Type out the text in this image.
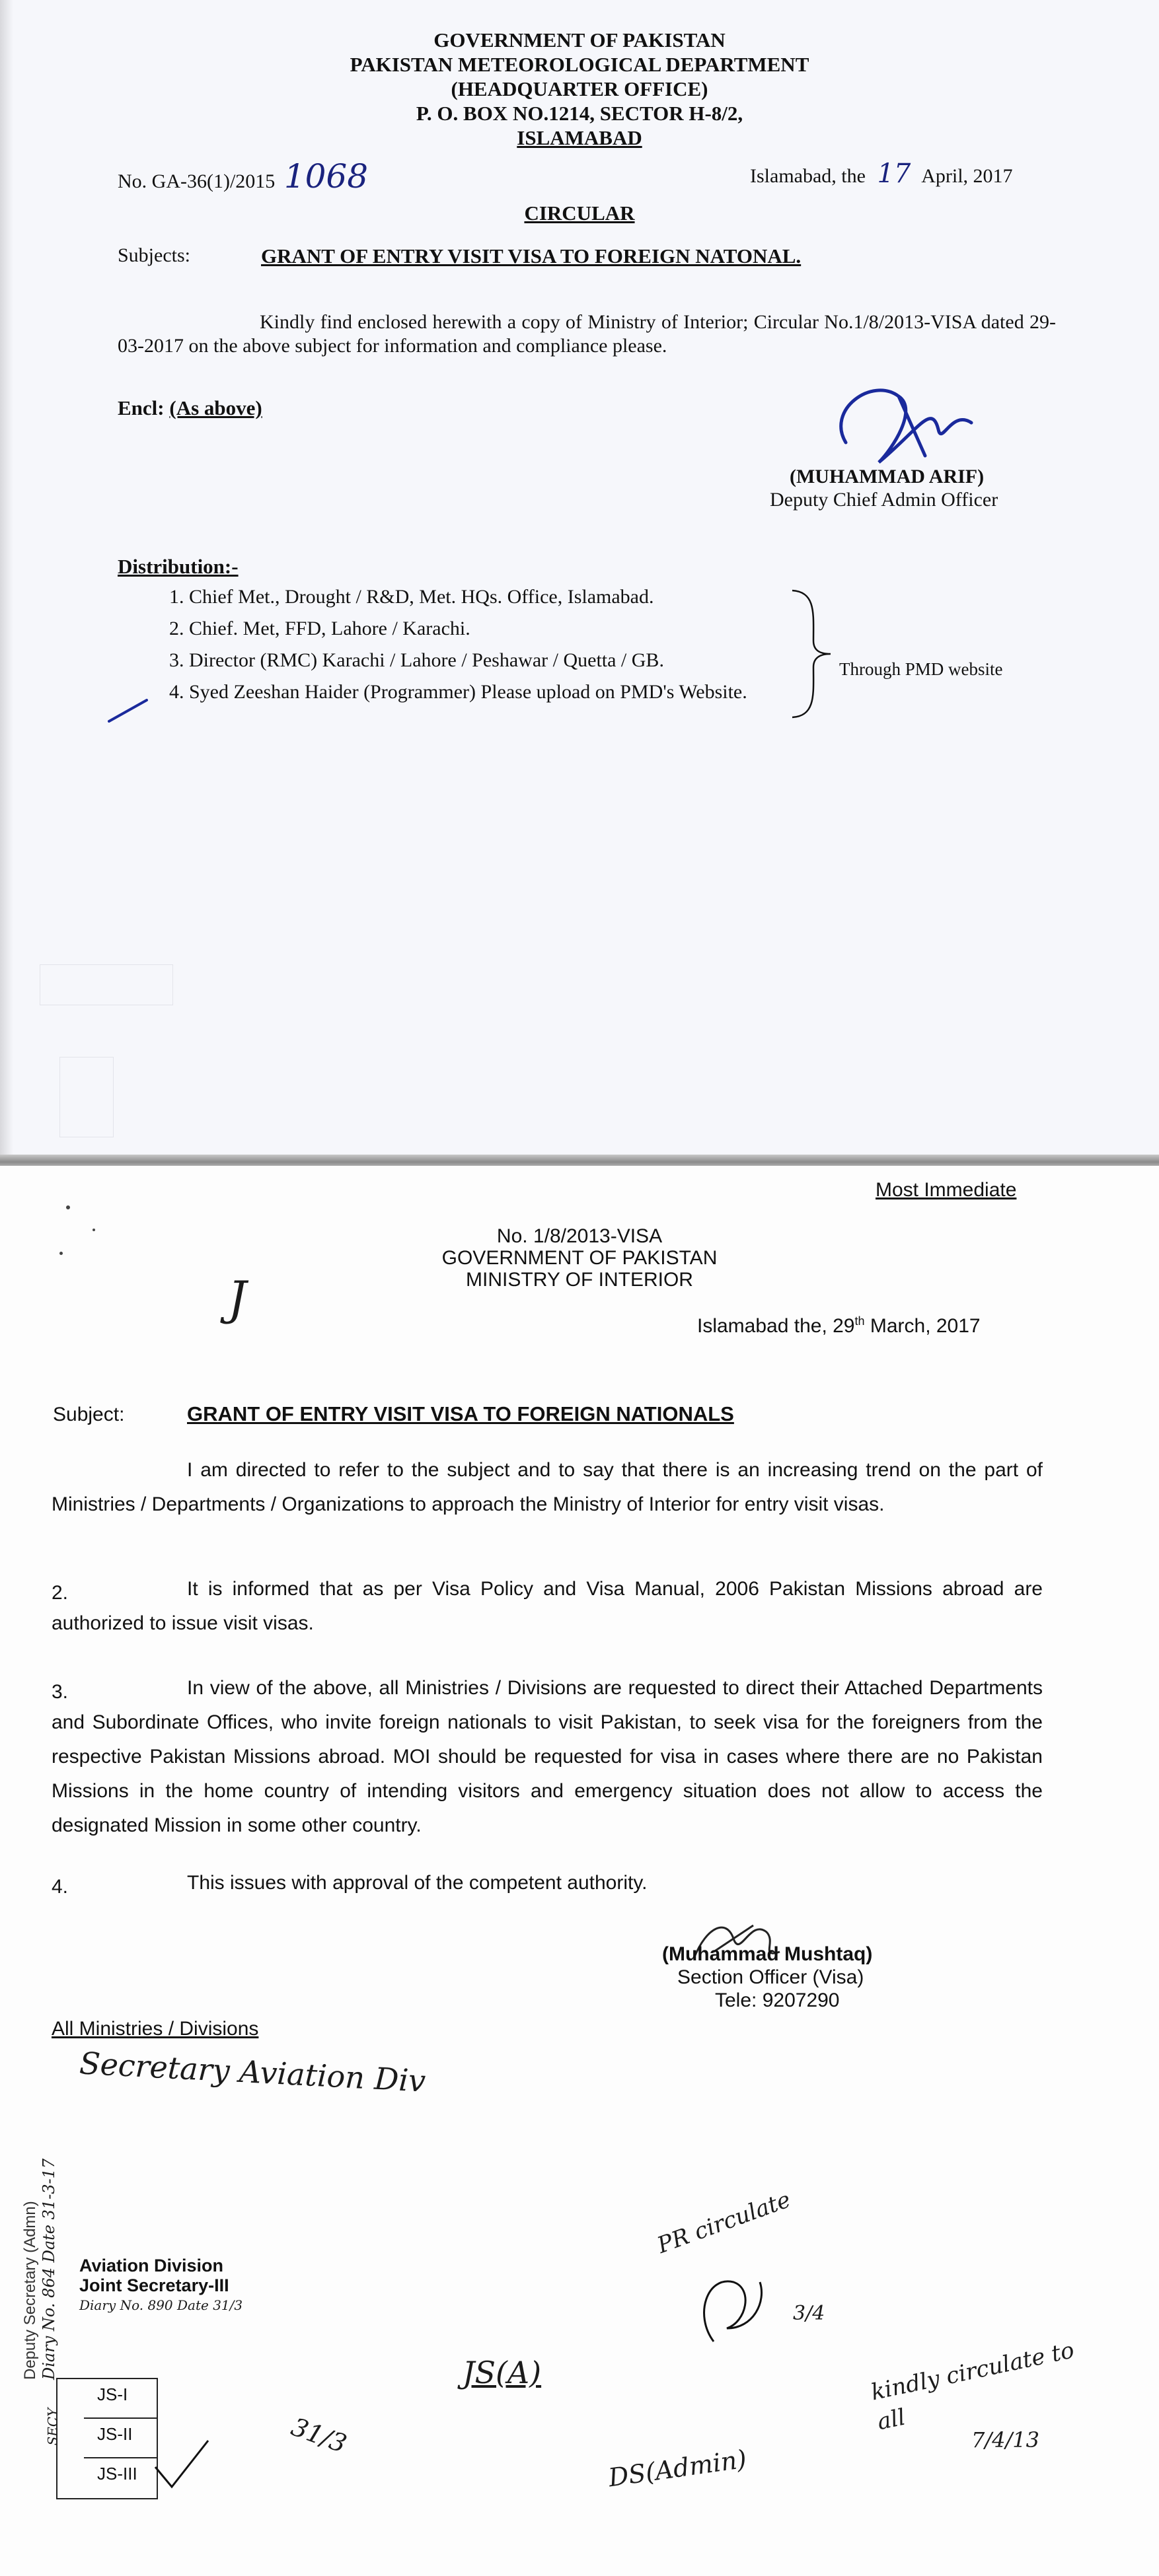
GOVERNMENT OF PAKISTAN
PAKISTAN METEOROLOGICAL DEPARTMENT
(HEADQUARTER OFFICE)
P. O. BOX NO.1214, SECTOR H-8/2,
ISLAMABAD
No. GA-36(1)/2015 1068	Islamabad, the 17 April, 2017
CIRCULAR
Subjects:	GRANT OF ENTRY VISIT VISA TO FOREIGN NATONAL.
Kindly find enclosed herewith a copy of Ministry of Interior; Circular No.1/8/2013-VISA dated 29-03-2017 on the above subject for information and compliance please.
Encl: (As above)
(MUHAMMAD ARIF)
Deputy Chief Admin Officer
Distribution:-
1. Chief Met., Drought / R&D, Met. HQs. Office, Islamabad.
2. Chief. Met, FFD, Lahore / Karachi.
3. Director (RMC) Karachi / Lahore / Peshawar / Quetta / GB.
4. Syed Zeeshan Haider (Programmer) Please upload on PMD's Website.
Through PMD website
Most Immediate
No. 1/8/2013-VISA
GOVERNMENT OF PAKISTAN
MINISTRY OF INTERIOR
J
Islamabad the, 29th March, 2017
Subject:	GRANT OF ENTRY VISIT VISA TO FOREIGN NATIONALS
I am directed to refer to the subject and to say that there is an increasing trend on the part of Ministries / Departments / Organizations to approach the Ministry of Interior for entry visit visas.
2.	It is informed that as per Visa Policy and Visa Manual, 2006 Pakistan Missions abroad are authorized to issue visit visas.
3.	In view of the above, all Ministries / Divisions are requested to direct their Attached Departments and Subordinate Offices, who invite foreign nationals to visit Pakistan, to seek visa for the foreigners from the respective Pakistan Missions abroad. MOI should be requested for visa in cases where there are no Pakistan Missions in the home country of intending visitors and emergency situation does not allow to access the designated Mission in some other country.
4.	This issues with approval of the competent authority.
(Muhammad Mushtaq)
Section Officer (Visa)
Tele: 9207290
All Ministries / Divisions
Secretary Aviation Div
Deputy Secretary (Admn) Diary No. 864 Date 31-3-17 Aviation Division
Joint Secretary-III
Diary No. 890 Date 31/3
SECY
JS-I
JS-II
JS-III
31/3
JS(A)
DS(Admin)
PR circulate
3/4
kindly circulate to all
7/4/13
